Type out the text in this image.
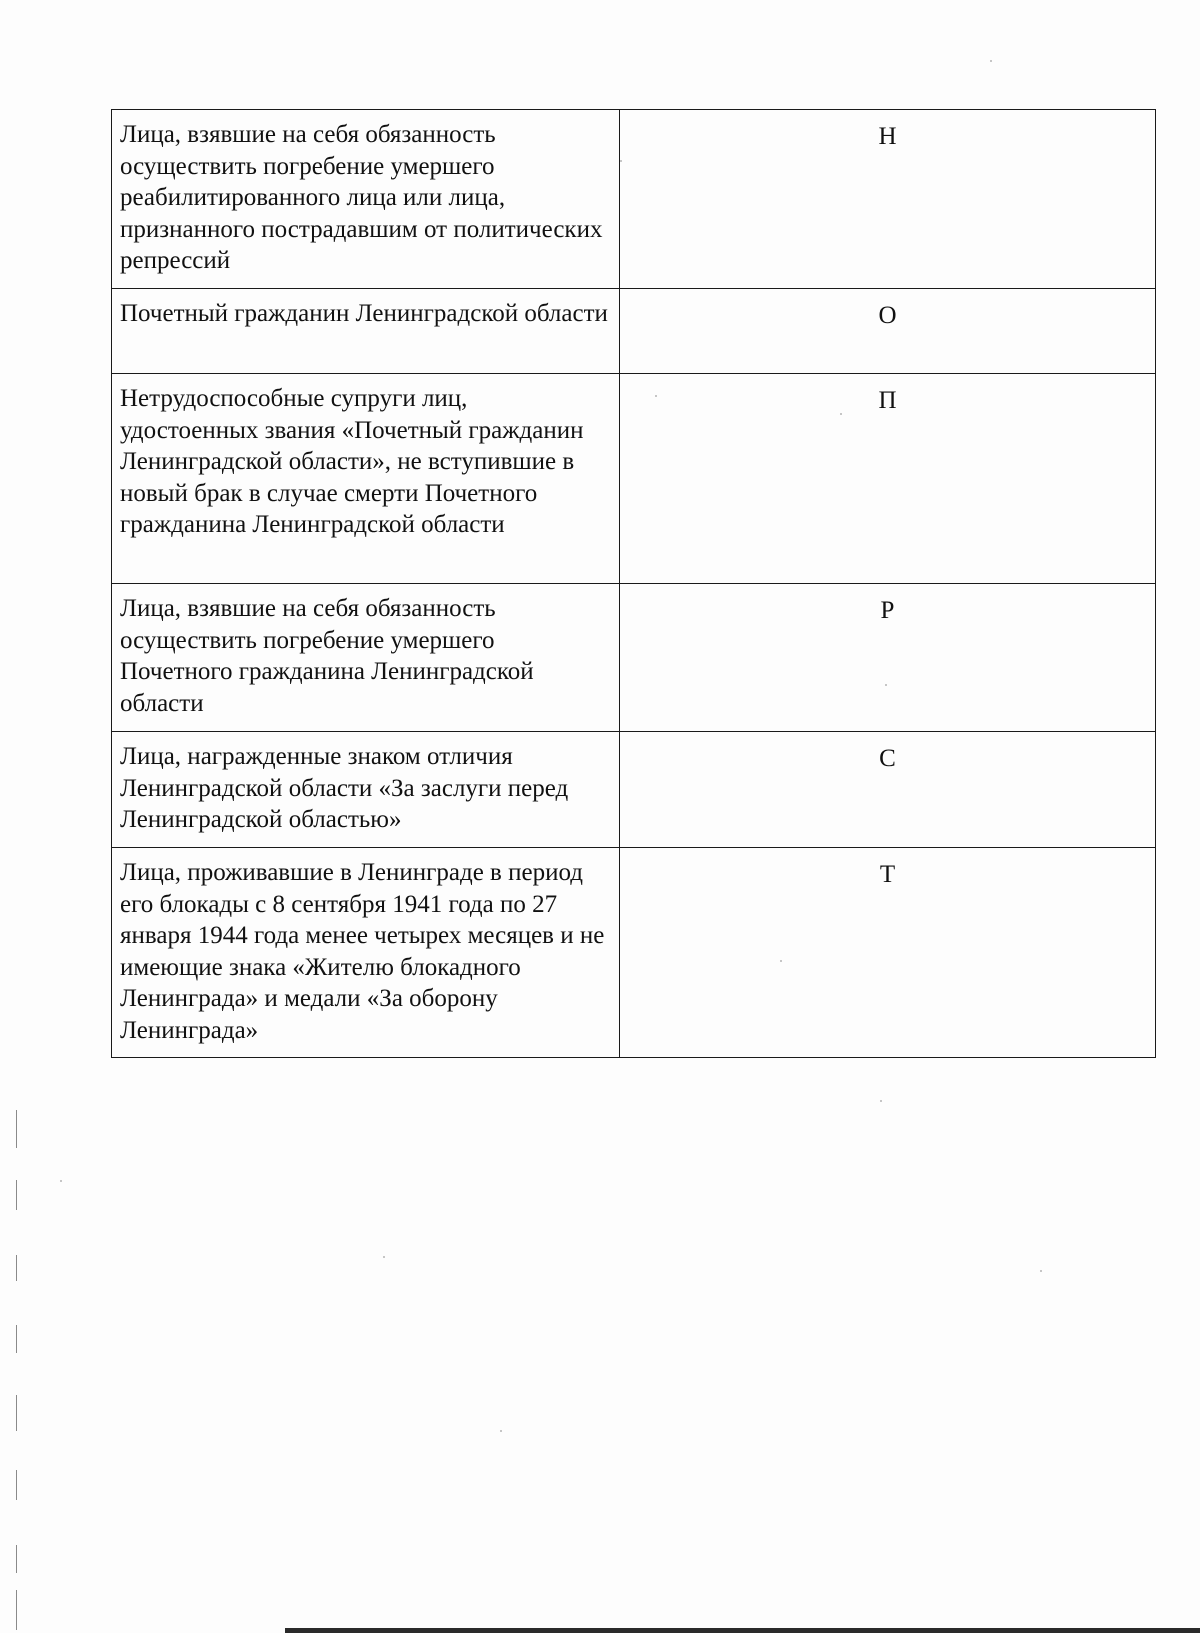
Лица, взявшие на себя обязанность осуществить погребение умершего реабилитированного лица или лица, признанного пострадавшим от политических репрессий	Н
Почетный гражданин Ленинградской области	О
Нетрудоспособные супруги лиц, удостоенных звания «Почетный гражданин Ленинградской области», не вступившие в новый брак в случае смерти Почетного гражданина Ленинградской области	П
Лица, взявшие на себя обязанность осуществить погребение умершего Почетного гражданина Ленинградской области	Р
Лица, награжденные знаком отличия Ленинградской области «За заслуги перед Ленинградской областью»	С
Лица, проживавшие в Ленинграде в период его блокады с 8 сентября 1941 года по 27 января 1944 года менее четырех месяцев и не имеющие знака «Жителю блокадного Ленинграда» и медали «За оборону Ленинграда»	Т
